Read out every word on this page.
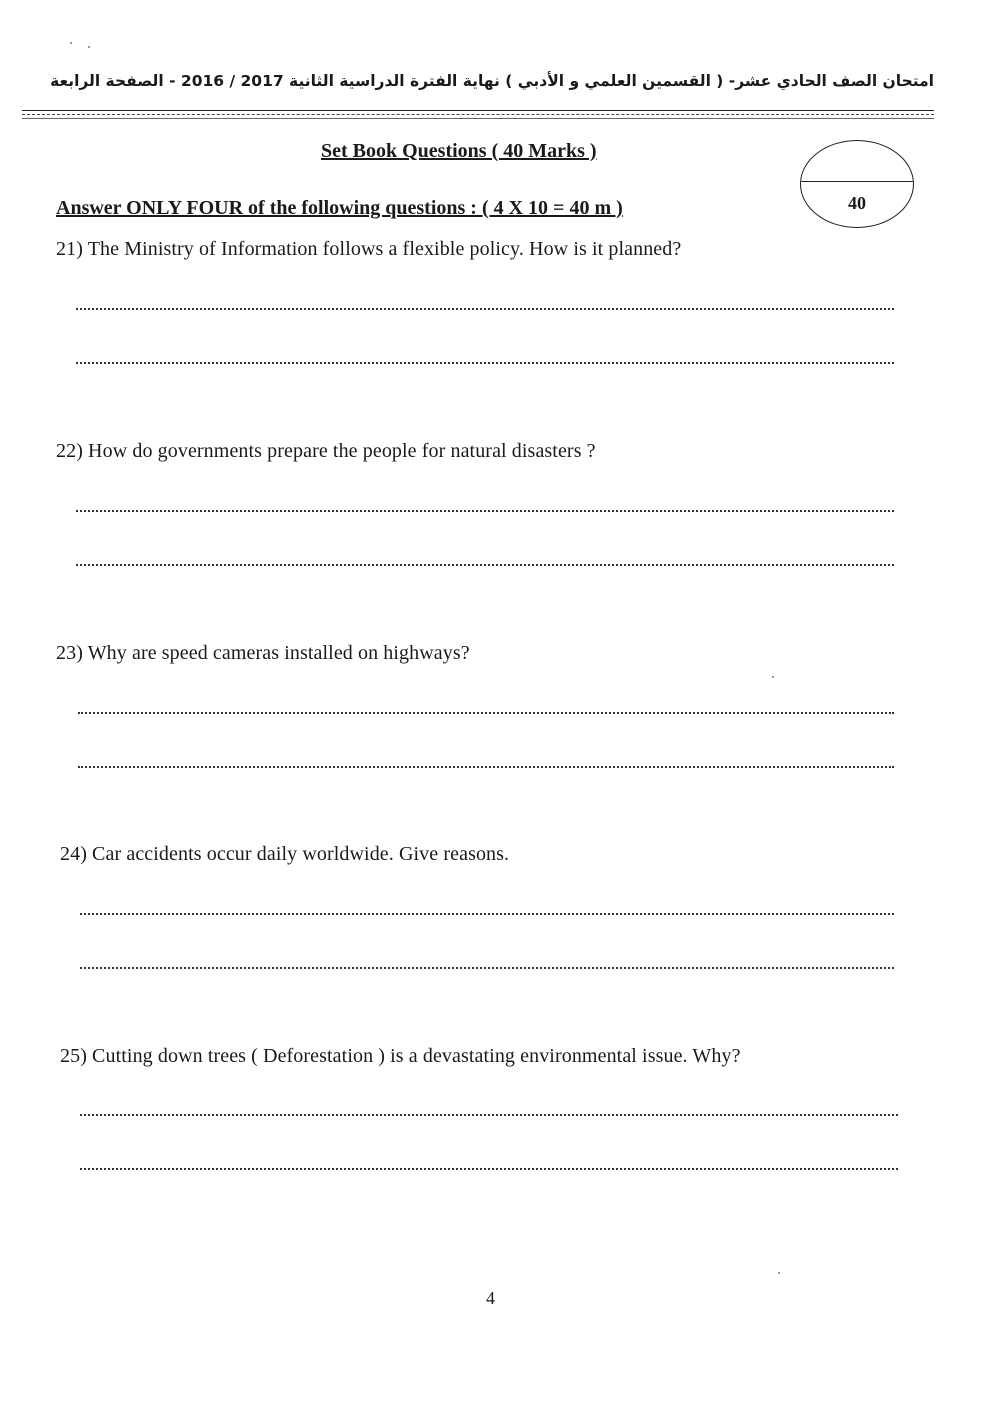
امتحان الصف الحادي عشر- ( القسمين العلمي و الأدبي ) نهاية الفترة الدراسية الثانية 2017 / 2016 - الصفحة الرابعة
Set Book Questions ( 40 Marks )
40
Answer ONLY FOUR of the following questions : ( 4 X 10 = 40 m )
21) The Ministry of Information follows a flexible policy. How is it planned?
22) How do governments prepare the people for natural disasters ?
23) Why are speed cameras installed on highways?
24) Car accidents occur daily worldwide. Give reasons.
25) Cutting down trees ( Deforestation ) is a devastating environmental issue. Why?
4
